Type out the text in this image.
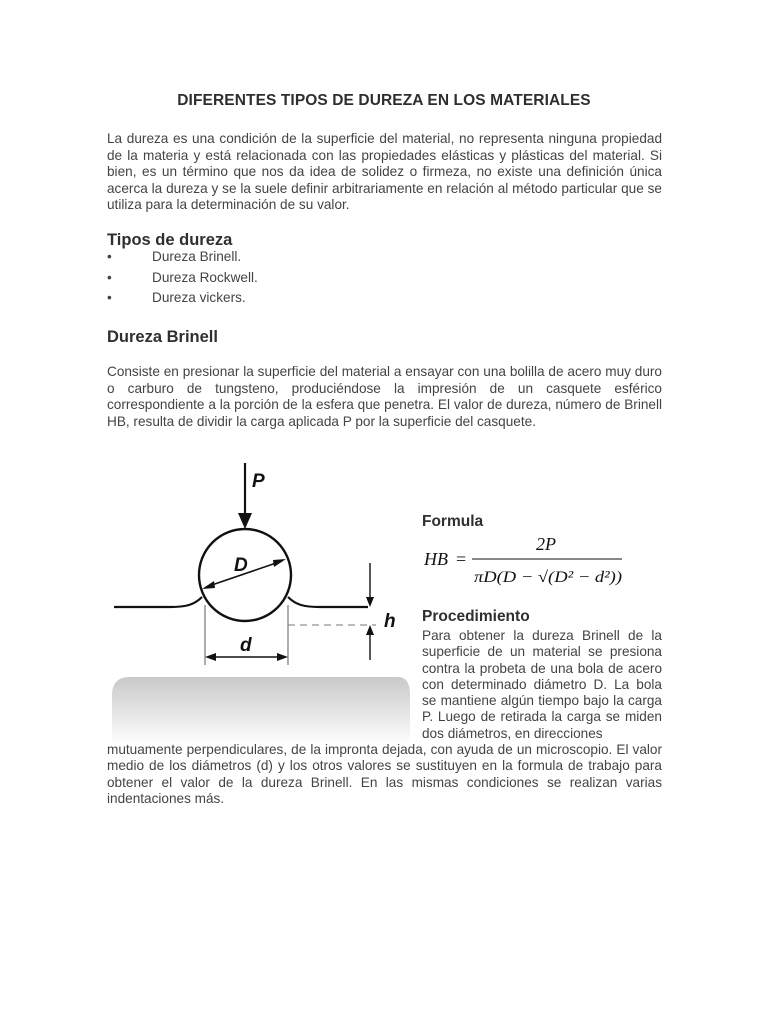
DIFERENTES TIPOS DE DUREZA EN LOS MATERIALES
La dureza es una condición de la superficie del material, no representa ninguna propiedad de la materia y está relacionada con las propiedades elásticas y plásticas del material. Si bien, es un término que nos da idea de solidez o firmeza, no existe una definición única acerca la dureza y se la suele definir arbitrariamente en relación al método particular que se utiliza para la determinación de su valor.
Tipos de dureza
•	Dureza Brinell.
•	Dureza Rockwell.
•	Dureza vickers.
Dureza Brinell
Consiste en presionar la superficie del material a ensayar con una bolilla de acero muy duro o carburo de tungsteno, produciéndose la impresión de un casquete esférico correspondiente a la porción de la esfera que penetra. El valor de dureza, número de Brinell HB, resulta de dividir la carga aplicada P por la superficie del casquete.
D
P
d
h
Formula
HB =
2P
πD(D − √(D² − d²))
Procedimiento
Para obtener la dureza Brinell de la superficie de un material se presiona contra la probeta de una bola de acero con determinado diámetro D. La bola se mantiene algún tiempo bajo la carga P. Luego de retirada la carga se miden dos diámetros, en direcciones
mutuamente perpendiculares, de la impronta dejada, con ayuda de un microscopio. El valor medio de los diámetros (d) y los otros valores se sustituyen en la formula de trabajo para obtener el valor de la dureza Brinell. En las mismas condiciones se realizan varias indentaciones más.
